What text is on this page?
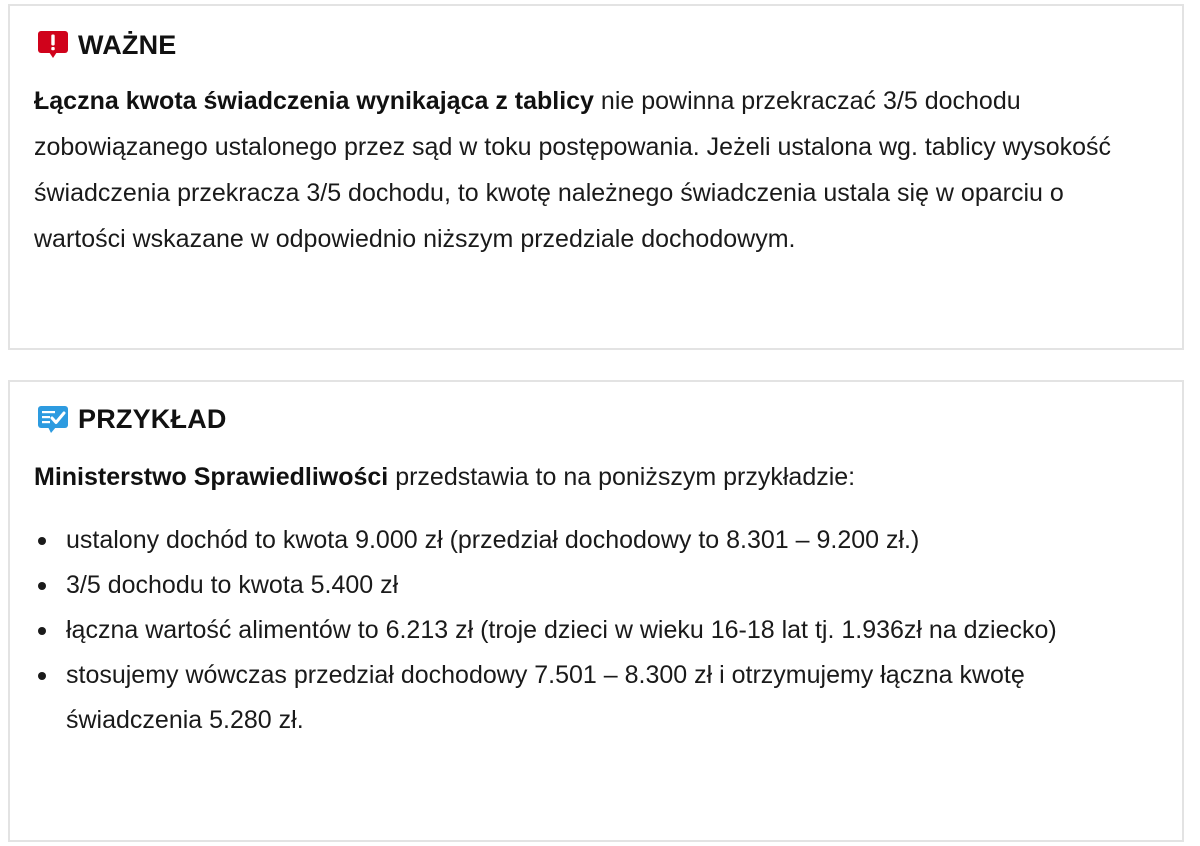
WAŻNE
Łączna kwota świadczenia wynikająca z tablicy nie powinna przekraczać 3/5 dochodu zobowiązanego ustalonego przez sąd w toku postępowania. Jeżeli ustalona wg. tablicy wysokość świadczenia przekracza 3/5 dochodu, to kwotę należnego świadczenia ustala się w oparciu o wartości wskazane w odpowiednio niższym przedziale dochodowym.
PRZYKŁAD
Ministerstwo Sprawiedliwości przedstawia to na poniższym przykładzie:
ustalony dochód to kwota 9.000 zł (przedział dochodowy to 8.301 – 9.200 zł.)
3/5 dochodu to kwota 5.400 zł
łączna wartość alimentów to 6.213 zł (troje dzieci w wieku 16-18 lat tj. 1.936zł na dziecko)
stosujemy wówczas przedział dochodowy 7.501 – 8.300 zł i otrzymujemy łączna kwotę świadczenia 5.280 zł.
